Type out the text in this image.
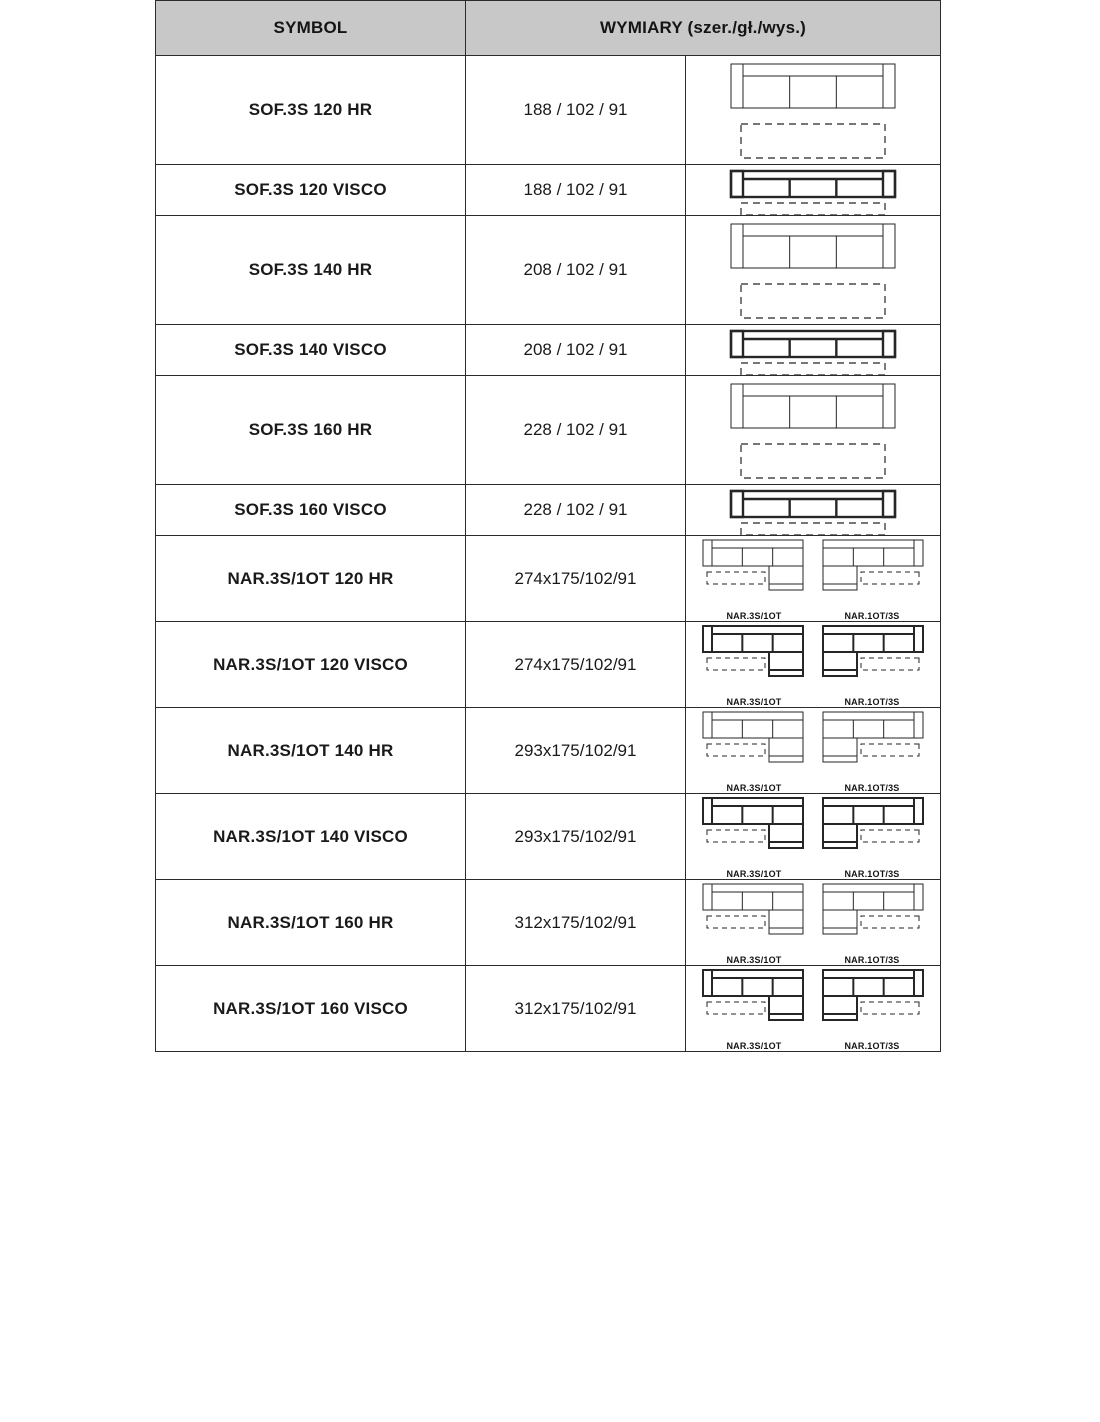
SYMBOL	WYMIARY (szer./gł./wys.)	
SOF.3S 120 HR	188 / 102 / 91	

SOF.3S 120 VISCO	188 / 102 / 91	

SOF.3S 140 HR	208 / 102 / 91	

SOF.3S 140 VISCO	208 / 102 / 91	

SOF.3S 160 HR	228 / 102 / 91	

SOF.3S 160 VISCO	228 / 102 / 91	

NAR.3S/1OT 120 HR	274x175/102/91	NAR.3S/1OT NAR.1OT/3S

NAR.3S/1OT 120 VISCO	274x175/102/91	NAR.3S/1OT NAR.1OT/3S

NAR.3S/1OT 140 HR	293x175/102/91	NAR.3S/1OT NAR.1OT/3S

NAR.3S/1OT 140 VISCO	293x175/102/91	NAR.3S/1OT NAR.1OT/3S

NAR.3S/1OT 160 HR	312x175/102/91	NAR.3S/1OT NAR.1OT/3S

NAR.3S/1OT 160 VISCO	312x175/102/91	NAR.3S/1OT NAR.1OT/3S
